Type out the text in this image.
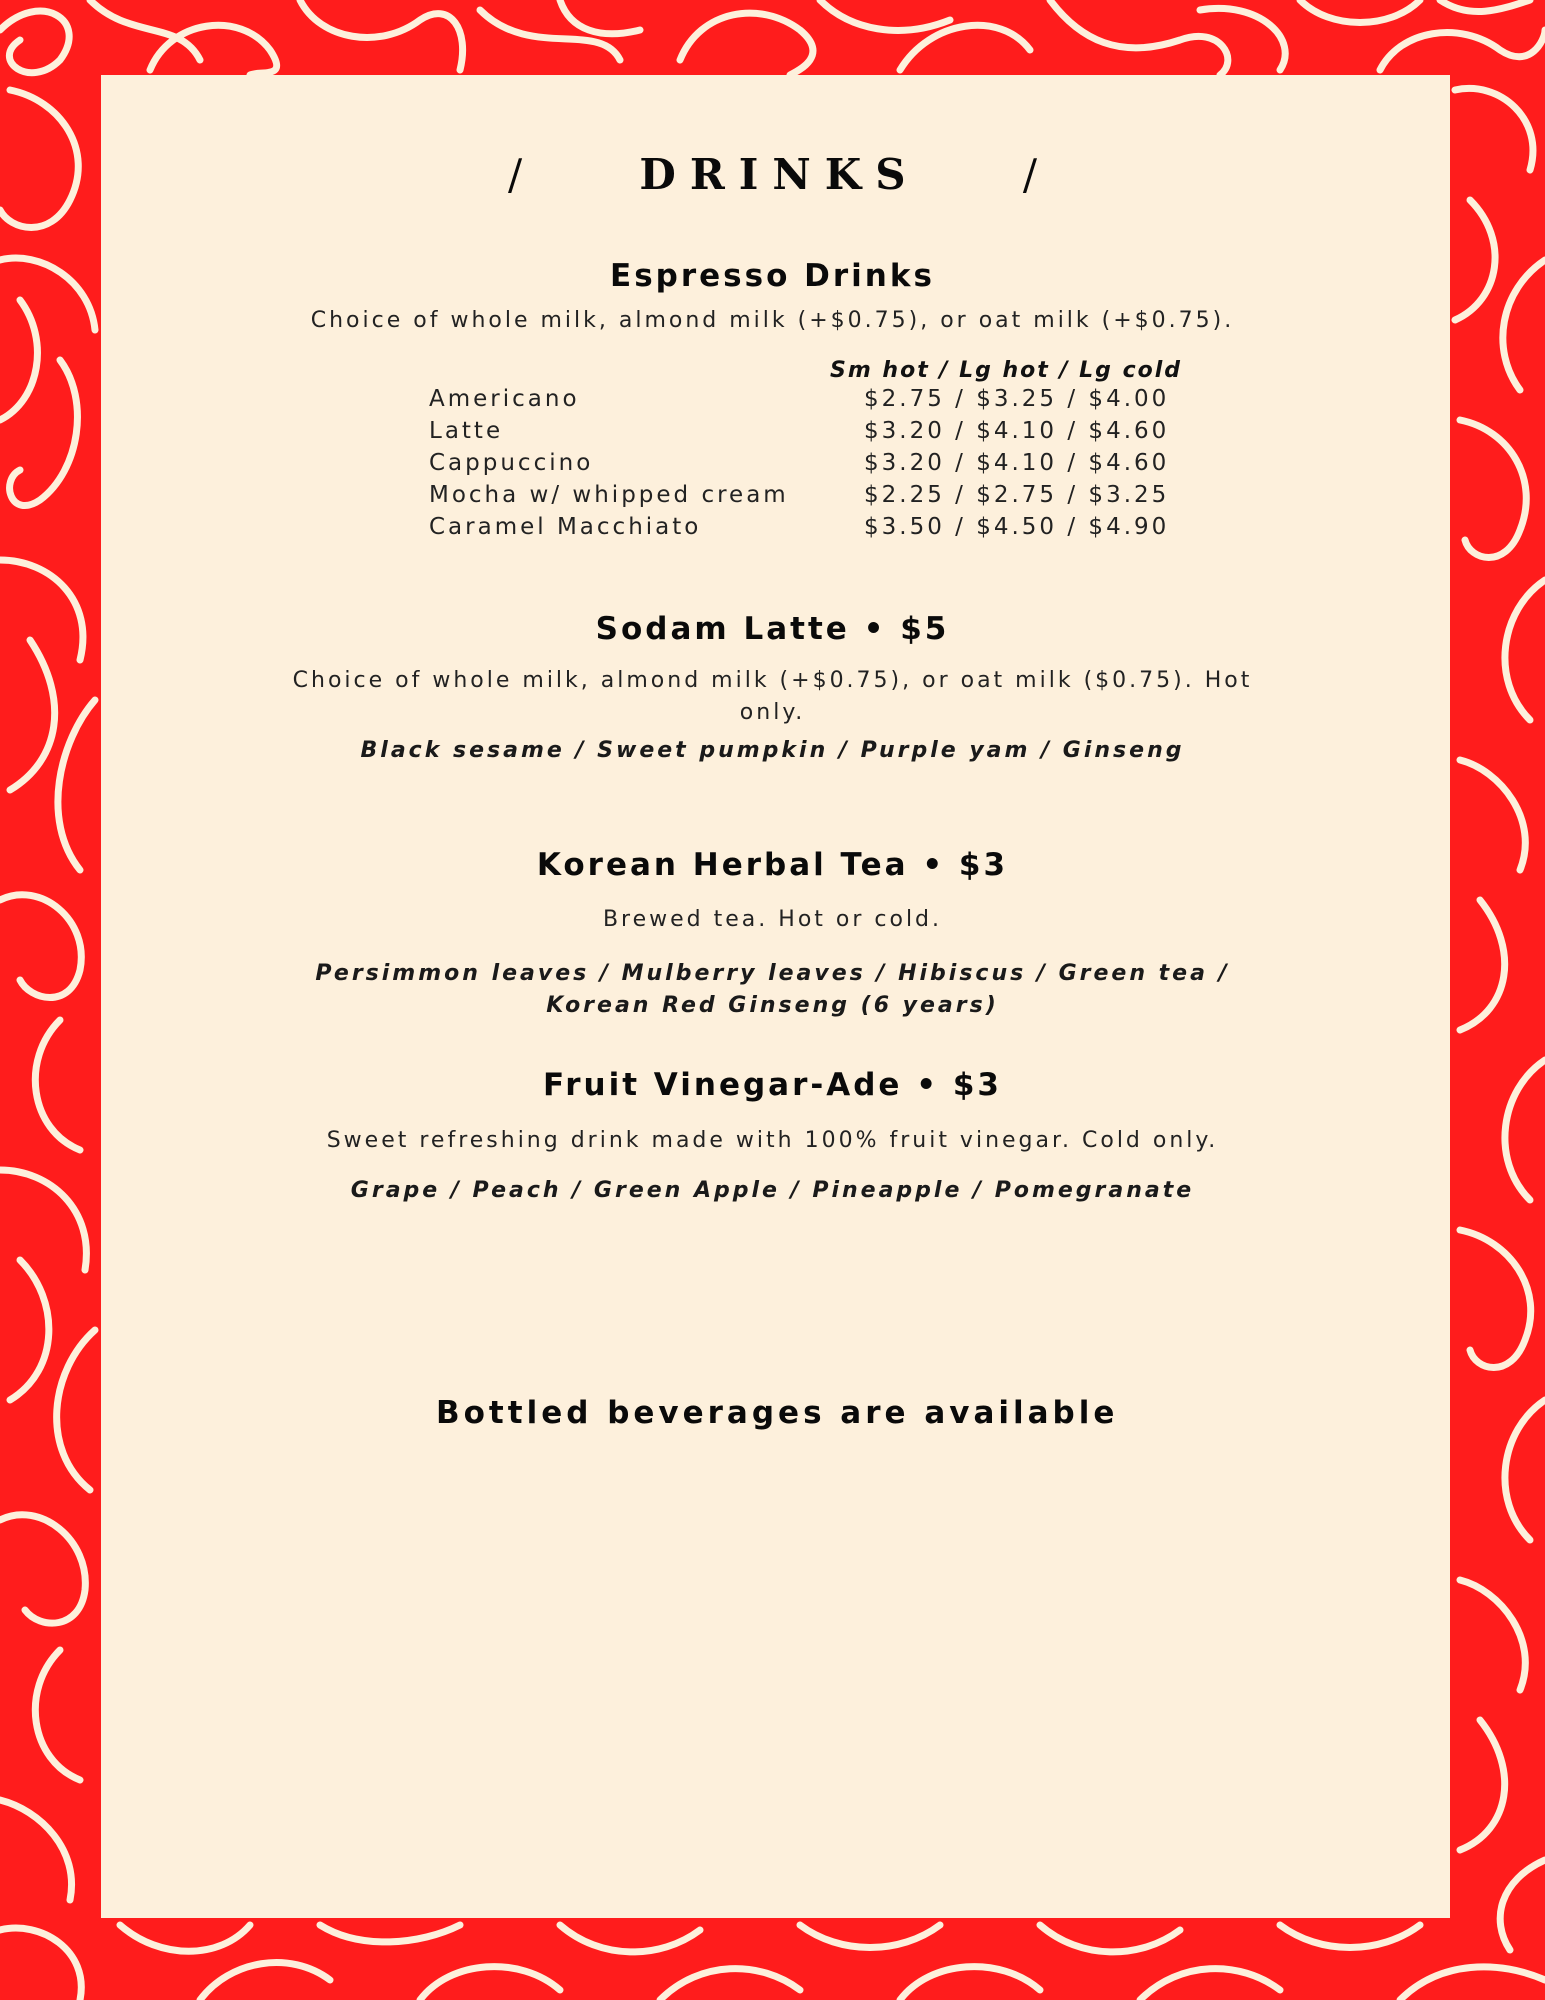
/	DRINKS /
Espresso Drinks
Choice of whole milk, almond milk (+$0.75), or oat milk (+$0.75).
Sm hot / Lg hot / Lg cold
Americano	$2.75 / $3.25 / $4.00
Latte	$3.20 / $4.10 / $4.60
Cappuccino	$3.20 / $4.10 / $4.60
Mocha w/ whipped cream	$2.25 / $2.75 / $3.25
Caramel Macchiato	$3.50 / $4.50 / $4.90
Sodam Latte • $5
Choice of whole milk, almond milk (+$0.75), or oat milk ($0.75). Hot
only.
Black sesame / Sweet pumpkin / Purple yam / Ginseng
Korean Herbal Tea • $3
Brewed tea. Hot or cold.
Persimmon leaves / Mulberry leaves / Hibiscus / Green tea /
Korean Red Ginseng (6 years)
Fruit Vinegar-Ade • $3
Sweet refreshing drink made with 100% fruit vinegar. Cold only.
Grape / Peach / Green Apple / Pineapple / Pomegranate
Bottled beverages are available
